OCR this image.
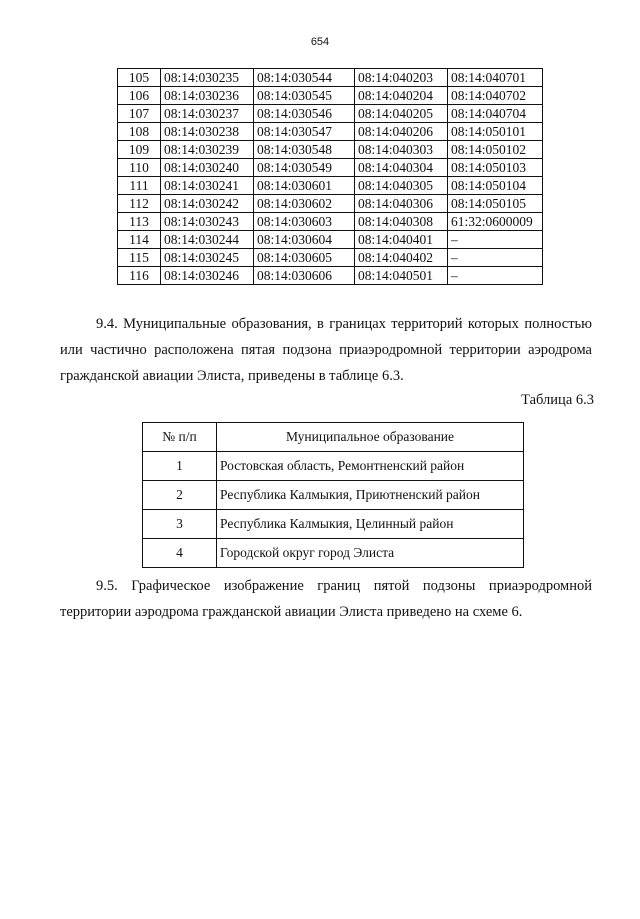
654
105	08:14:030235	08:14:030544	08:14:040203	08:14:040701
106	08:14:030236	08:14:030545	08:14:040204	08:14:040702
107	08:14:030237	08:14:030546	08:14:040205	08:14:040704
108	08:14:030238	08:14:030547	08:14:040206	08:14:050101
109	08:14:030239	08:14:030548	08:14:040303	08:14:050102
110	08:14:030240	08:14:030549	08:14:040304	08:14:050103
111	08:14:030241	08:14:030601	08:14:040305	08:14:050104
112	08:14:030242	08:14:030602	08:14:040306	08:14:050105
113	08:14:030243	08:14:030603	08:14:040308	61:32:0600009
114	08:14:030244	08:14:030604	08:14:040401	–
115	08:14:030245	08:14:030605	08:14:040402	–
116	08:14:030246	08:14:030606	08:14:040501	–
9.4. Муниципальные образования, в границах территорий которых полностью
или частично расположена пятая подзона приаэродромной территории аэродрома
гражданской авиации Элиста, приведены в таблице 6.3.
Таблица 6.3
№ п/п	Муниципальное образование
1	Ростовская область, Ремонтненский район
2	Республика Калмыкия, Приютненский район
3	Республика Калмыкия, Целинный район
4	Городской округ город Элиста
9.5. Графическое изображение границ пятой подзоны приаэродромной
территории аэродрома гражданской авиации Элиста приведено на схеме 6.
